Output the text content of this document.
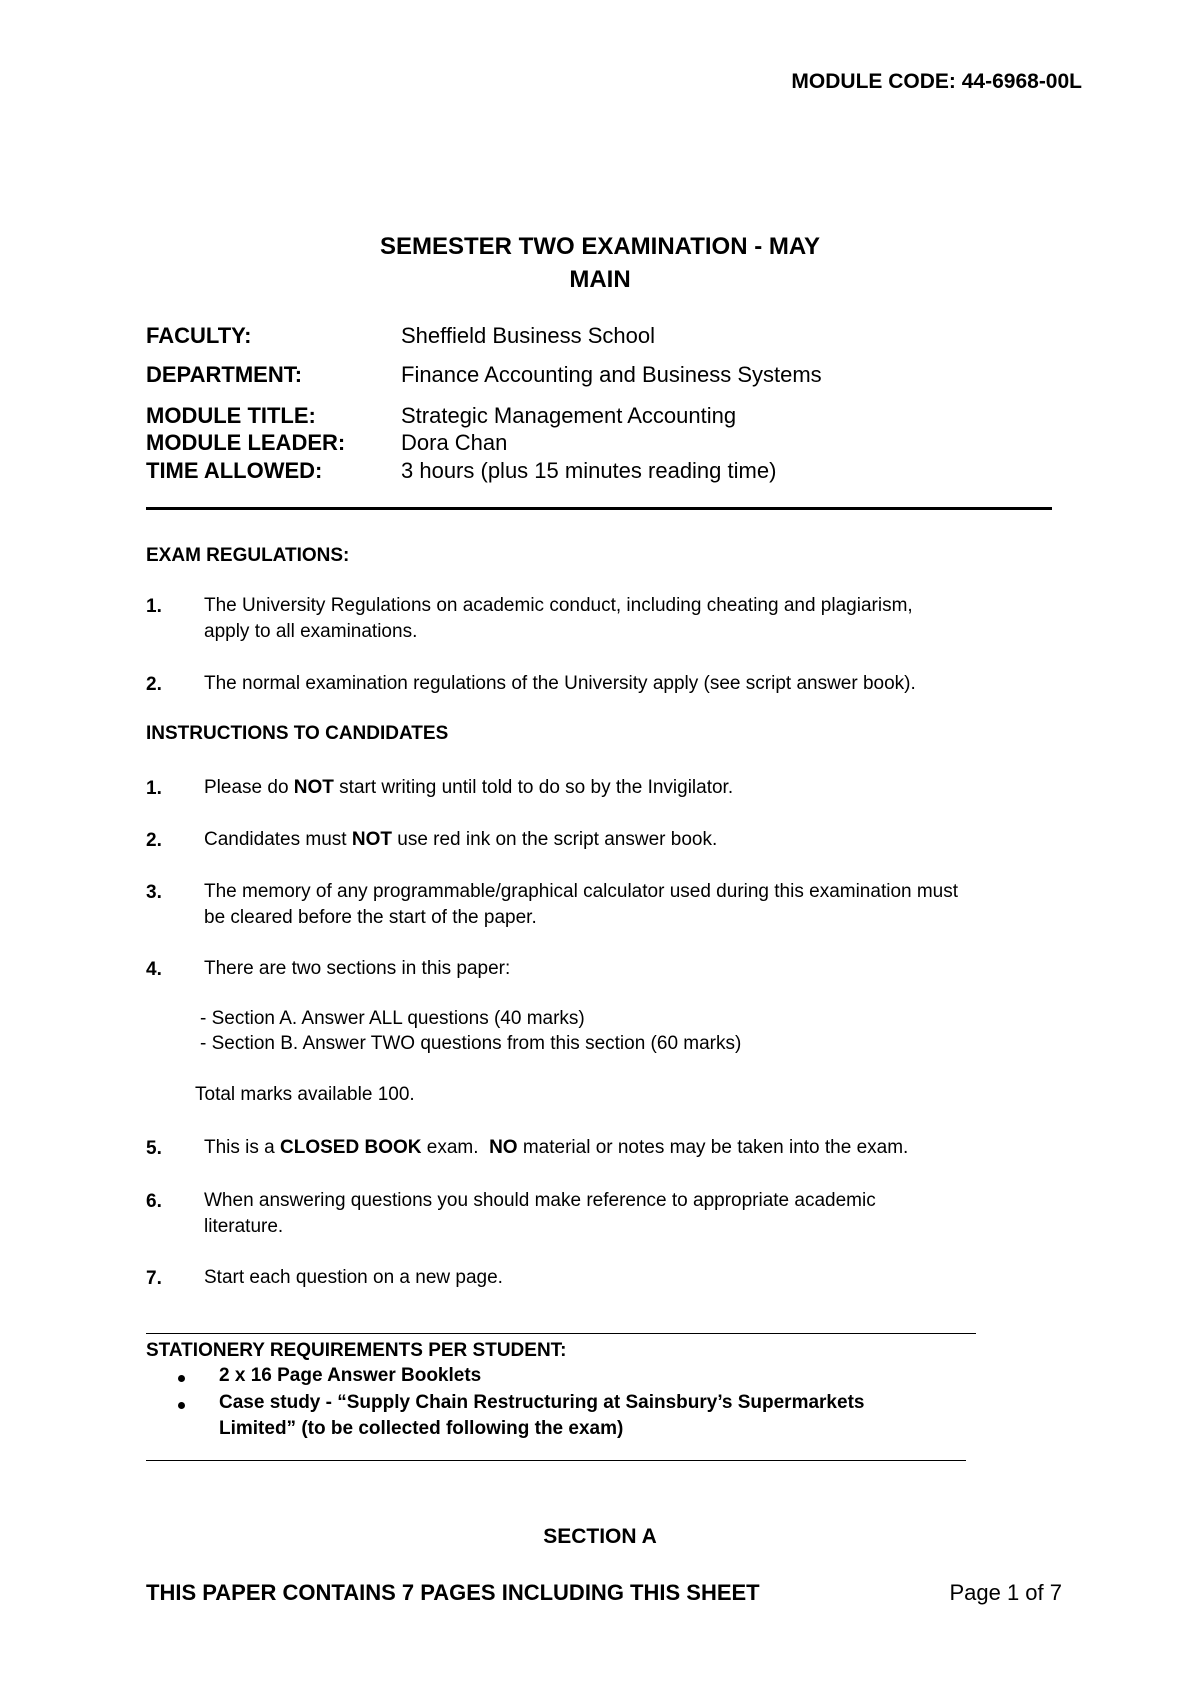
MODULE CODE: 44-6968-00L
SEMESTER TWO EXAMINATION - MAY
MAIN
FACULTY:	Sheffield Business School
DEPARTMENT:	Finance Accounting and Business Systems
MODULE TITLE:	Strategic Management Accounting
MODULE LEADER:	Dora Chan
TIME ALLOWED:	3 hours (plus 15 minutes reading time)
EXAM REGULATIONS:
1. The University Regulations on academic conduct, including cheating and plagiarism,
apply to all examinations.
2. The normal examination regulations of the University apply (see script answer book).
INSTRUCTIONS TO CANDIDATES
1. Please do NOT start writing until told to do so by the Invigilator.
2. Candidates must NOT use red ink on the script answer book.
3. The memory of any programmable/graphical calculator used during this examination must
be cleared before the start of the paper.
4. There are two sections in this paper:
- Section A. Answer ALL questions (40 marks)
- Section B. Answer TWO questions from this section (60 marks)
Total marks available 100.
5. This is a CLOSED BOOK exam.  NO material or notes may be taken into the exam.
6. When answering questions you should make reference to appropriate academic
literature.
7. Start each question on a new page.
STATIONERY REQUIREMENTS PER STUDENT:
2 x 16 Page Answer Booklets
Case study - “Supply Chain Restructuring at Sainsbury’s Supermarkets
Limited” (to be collected following the exam)
SECTION A
THIS PAPER CONTAINS 7 PAGES INCLUDING THIS SHEET	Page 1 of 7
